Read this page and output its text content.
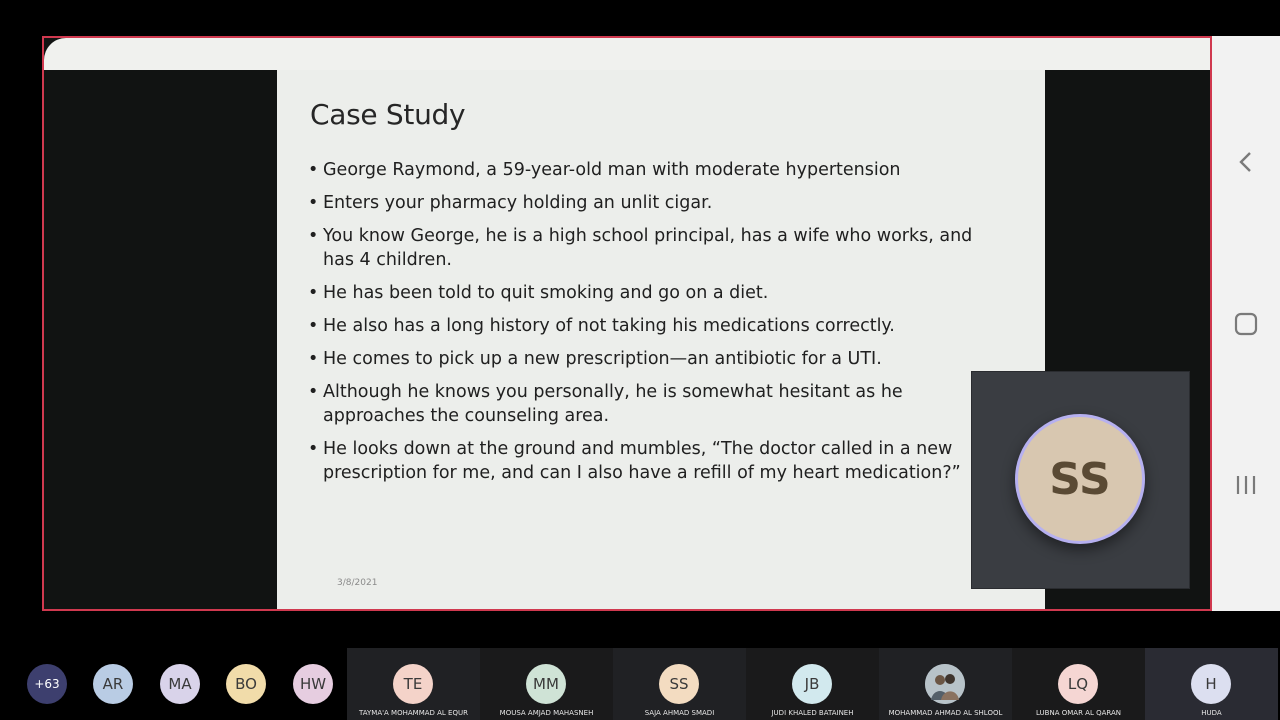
Case Study
• George Raymond, a 59-year-old man with moderate hypertension
• Enters your pharmacy holding an unlit cigar.
• You know George, he is a high school principal, has a wife who works, and
has 4 children.
• He has been told to quit smoking and go on a diet.
• He also has a long history of not taking his medications correctly.
• He comes to pick up a new prescription—an antibiotic for a UTI.
• Although he knows you personally, he is somewhat hesitant as he
approaches the counseling area.
• He looks down at the ground and mumbles, “The doctor called in a new
prescription for me, and can I also have a refill of my heart medication?”
3/8/2021
SS
+63	AR	MA	BO	HW	TE
TAYMA'A MOHAMMAD AL EQUR
MM
MOUSA AMJAD MAHASNEH
SS
SAJA AHMAD SMADI
JB
JUDI KHALED BATAINEH	MOHAMMAD AHMAD AL SHLOOL
LQ
LUBNA OMAR AL QARAN
H
HUDA
